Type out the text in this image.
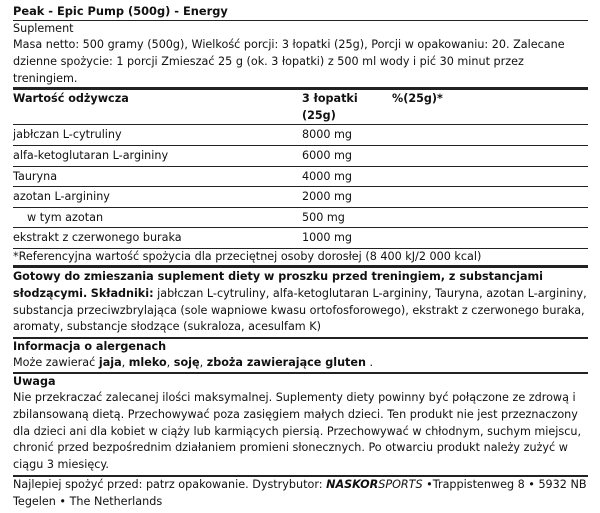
Peak - Epic Pump (500g) - Energy
Suplement
Masa netto: 500 gramy (500g), Wielkość porcji: 3 łopatki (25g), Porcji w opakowaniu: 20. Zalecane dzienne spożycie: 1 porcji Zmieszać 25 g (ok. 3 łopatki) z 500 ml wody i pić 30 minut przez treningiem.
Wartość odżywcza	3 łopatki (25g)	%(25g)*
jabłczan L-cytruliny	8000 mg	
alfa-ketoglutaran L-argininy	6000 mg	
Tauryna	4000 mg	
azotan L-argininy	2000 mg	
w tym azotan	500 mg	
ekstrakt z czerwonego buraka	1000 mg	
*Referencyjna wartość spożycia dla przeciętnej osoby dorosłej (8 400 kJ/2 000 kcal)
Gotowy do zmieszania suplement diety w proszku przed treningiem, z substancjami słodzącymi. Składniki: jabłczan L-cytruliny, alfa-ketoglutaran L-argininy, Tauryna, azotan L-argininy, substancja przeciwzbrylająca (sole wapniowe kwasu ortofosforowego), ekstrakt z czerwonego buraka, aromaty, substancje słodzące (sukraloza, acesulfam K)
Informacja o alergenach
Może zawierać jaja, mleko, soję, zboża zawierające gluten .
Uwaga
Nie przekraczać zalecanej ilości maksymalnej. Suplementy diety powinny być połączone ze zdrową i zbilansowaną dietą. Przechowywać poza zasięgiem małych dzieci. Ten produkt nie jest przeznaczony dla dzieci ani dla kobiet w ciąży lub karmiących piersią. Przechowywać w chłodnym, suchym miejscu, chronić przed bezpośrednim działaniem promieni słonecznych. Po otwarciu produkt należy zużyć w ciągu 3 miesięcy.
Najlepiej spożyć przed: patrz opakowanie. Dystrybutor: NASKORSPORTS •Trappistenweg 8 • 5932 NB Tegelen • The Netherlands
